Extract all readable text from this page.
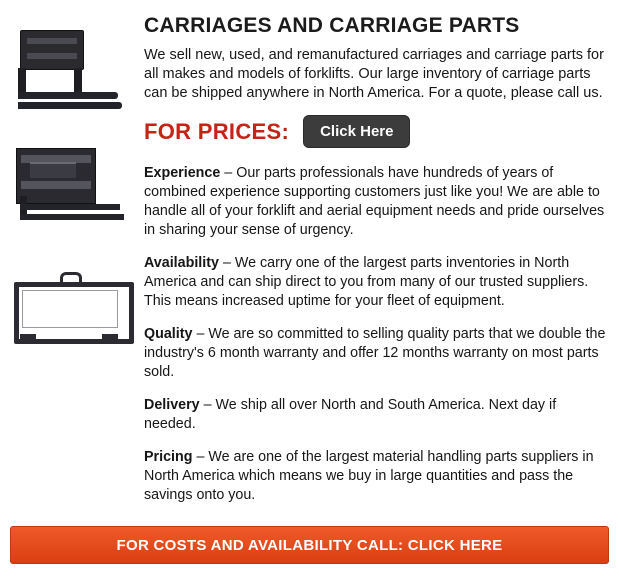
CARRIAGES AND CARRIAGE PARTS

We sell new, used, and remanufactured carriages and carriage parts for all makes and models of forklifts. Our large inventory of carriage parts can be shipped anywhere in North America. For a quote, please call us.

FOR PRICES:	Click Here

Experience – Our parts professionals have hundreds of years of combined experience supporting customers just like you! We are able to handle all of your forklift and aerial equipment needs and pride ourselves in sharing your sense of urgency.

Availability – We carry one of the largest parts inventories in North America and can ship direct to you from many of our trusted suppliers. This means increased uptime for your fleet of equipment.

Quality – We are so committed to selling quality parts that we double the industry's 6 month warranty and offer 12 months warranty on most parts sold.

Delivery – We ship all over North and South America. Next day if needed.

Pricing – We are one of the largest material handling parts suppliers in North America which means we buy in large quantities and pass the savings onto you.

FOR COSTS AND AVAILABILITY CALL: CLICK HERE
